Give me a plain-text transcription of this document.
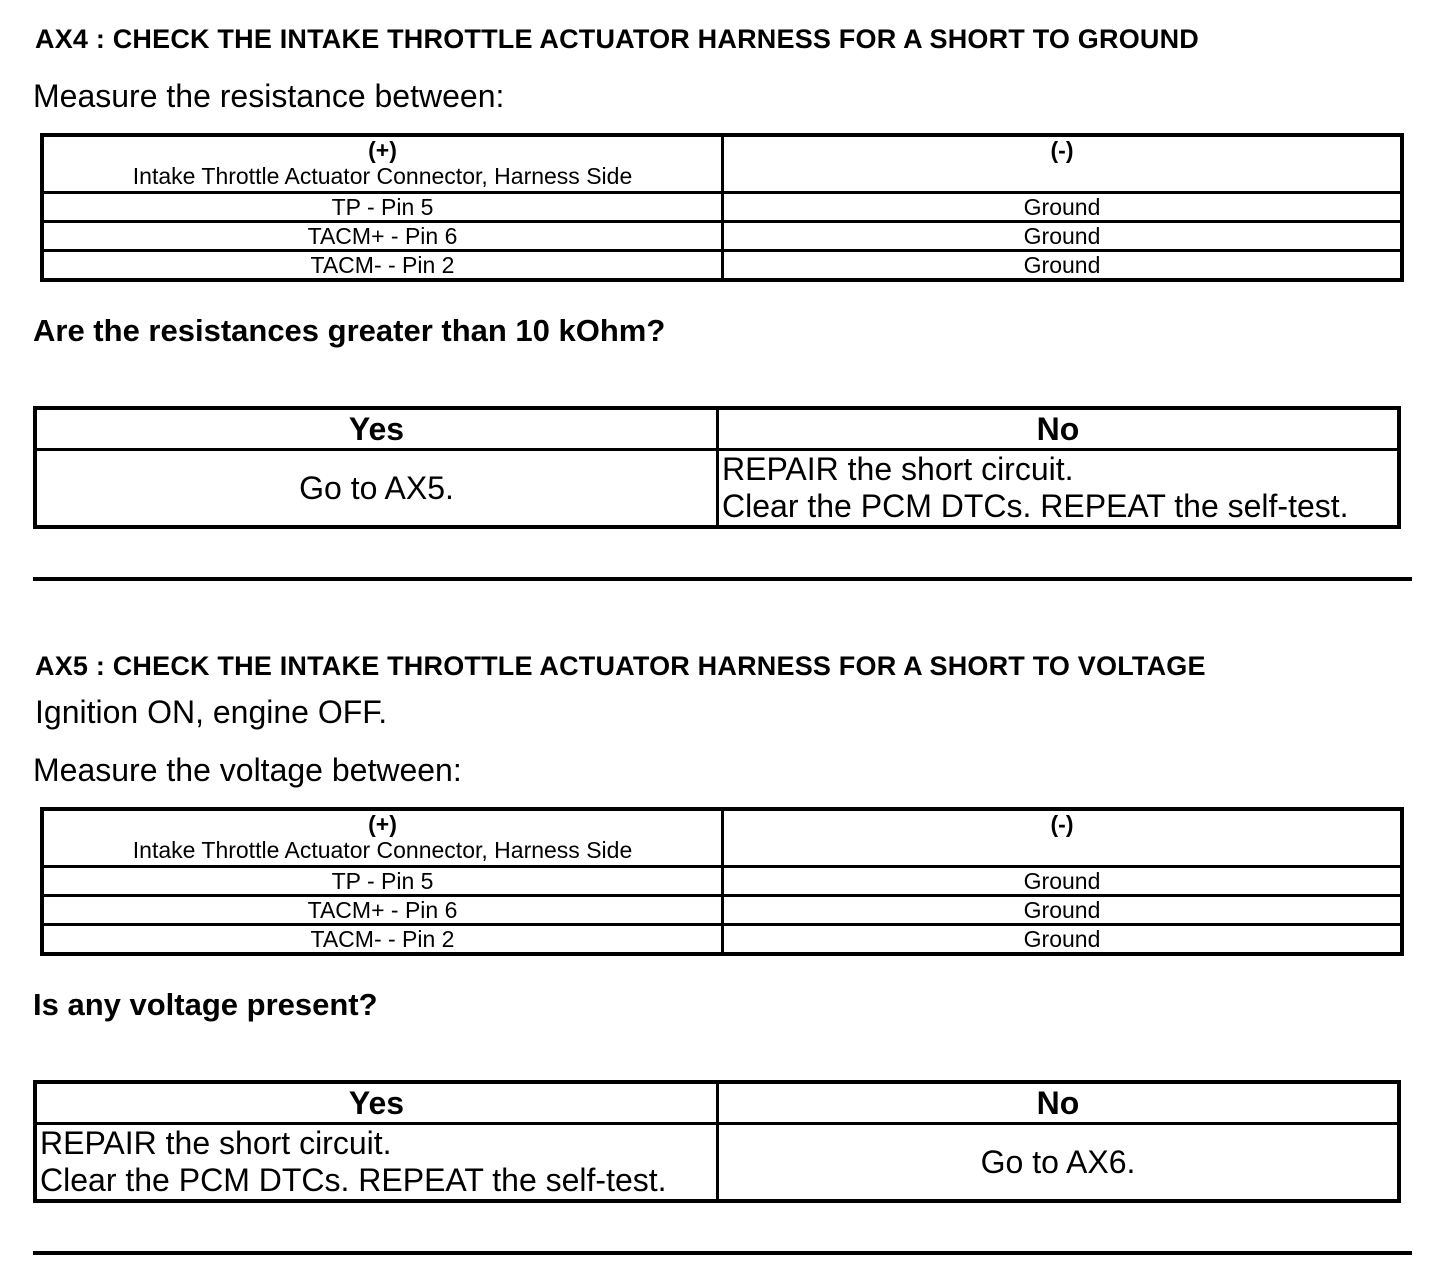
AX4 : CHECK THE INTAKE THROTTLE ACTUATOR HARNESS FOR A SHORT TO GROUND
Measure the resistance between:
(+)
Intake Throttle Actuator Connector, Harness Side	(-)

TP - Pin 5	Ground
TACM+ - Pin 6	Ground
TACM- - Pin 2	Ground
Are the resistances greater than 10 kOhm?
Yes	No
Go to AX5.	REPAIR the short circuit.
Clear the PCM DTCs. REPEAT the self-test.
AX5 : CHECK THE INTAKE THROTTLE ACTUATOR HARNESS FOR A SHORT TO VOLTAGE
Ignition ON, engine OFF.
Measure the voltage between:
(+)
Intake Throttle Actuator Connector, Harness Side	(-)

TP - Pin 5	Ground
TACM+ - Pin 6	Ground
TACM- - Pin 2	Ground
Is any voltage present?
Yes	No

REPAIR the short circuit.
Clear the PCM DTCs. REPEAT the self-test.	Go to AX6.
